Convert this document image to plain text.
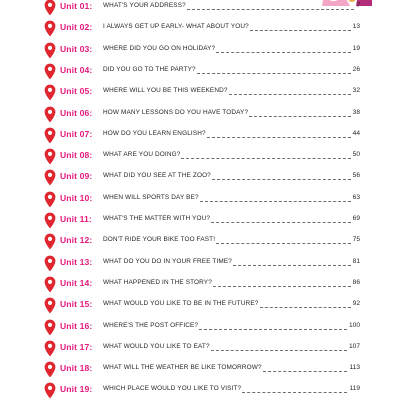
Unit 01: WHAT'S YOUR ADDRESS?	7
Unit 02: I ALWAYS GET UP EARLY- WHAT ABOUT YOU?	13
Unit 03: WHERE DID YOU GO ON HOLIDAY?	19
Unit 04: DID YOU GO TO THE PARTY?	26
Unit 05: WHERE WILL YOU BE THIS WEEKEND?	32
Unit 06: HOW MANY LESSONS DO YOU HAVE TODAY?	38
Unit 07: HOW DO YOU LEARN ENGLISH?	44
Unit 08: WHAT ARE YOU DOING?	50
Unit 09: WHAT DID YOU SEE AT THE ZOO?	56
Unit 10: WHEN WILL SPORTS DAY BE?	63
Unit 11: WHAT'S THE MATTER WITH YOU?	69
Unit 12: DON'T RIDE YOUR BIKE TOO FAST!	75
Unit 13: WHAT DO YOU DO IN YOUR FREE TIME?	81
Unit 14: WHAT HAPPENED IN THE STORY?	86
Unit 15: WHAT WOULD YOU LIKE TO BE IN THE FUTURE?	92
Unit 16: WHERE'S THE POST OFFICE?	100
Unit 17: WHAT WOULD YOU LIKE TO EAT?	107
Unit 18: WHAT WILL THE WEATHER BE LIKE TOMORROW?	113
Unit 19: WHICH PLACE WOULD YOU LIKE TO VISIT?	119
